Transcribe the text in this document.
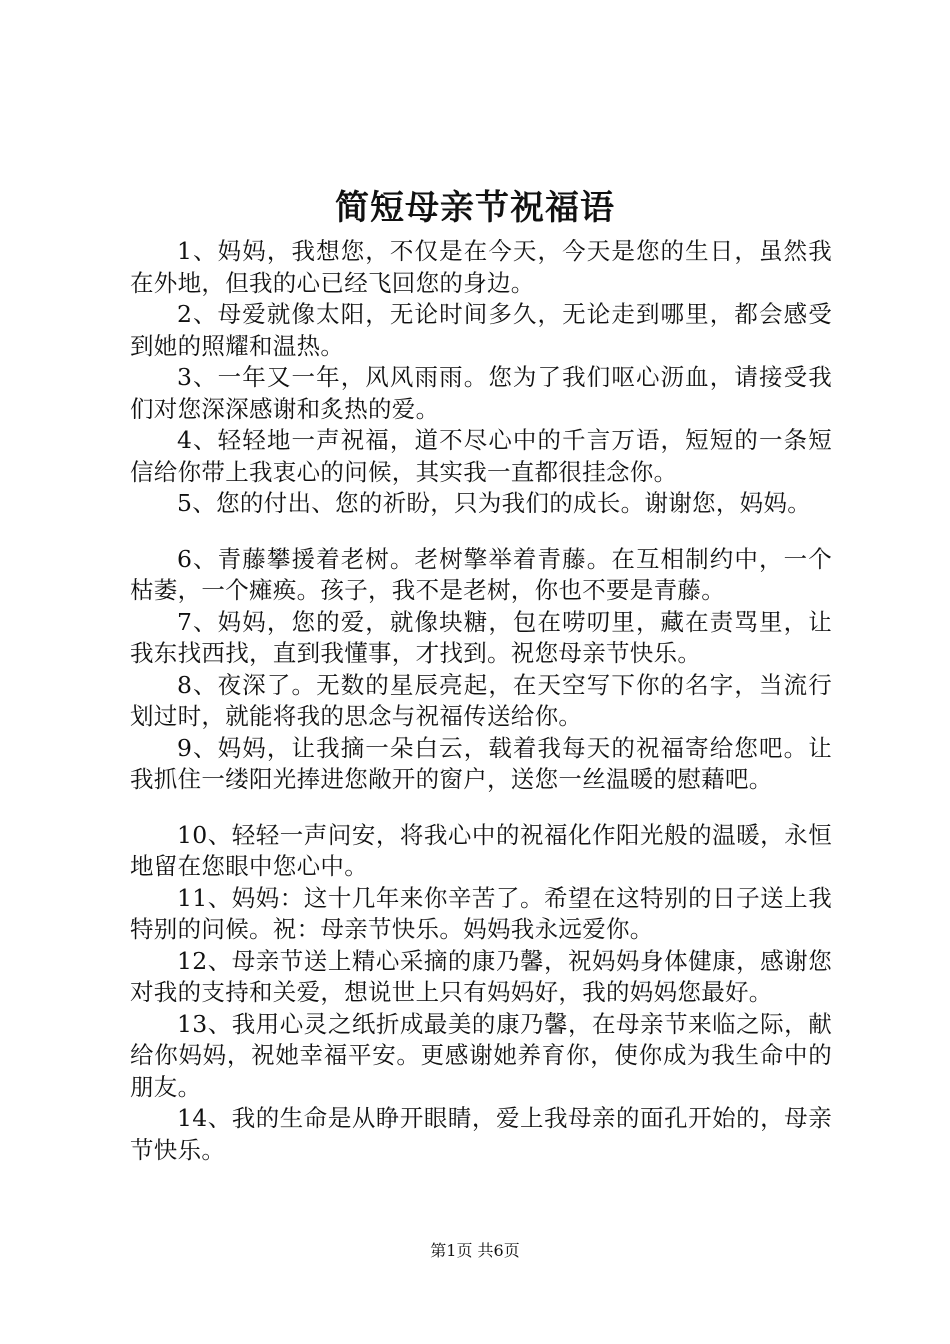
简短母亲节祝福语

1、妈妈，我想您，不仅是在今天，今天是您的生日，虽然我在外地，但我的心已经飞回您的身边。

2、母爱就像太阳，无论时间多久，无论走到哪里，都会感受到她的照耀和温热。

3、一年又一年，风风雨雨。您为了我们呕心沥血，请接受我们对您深深感谢和炙热的爱。

4、轻轻地一声祝福，道不尽心中的千言万语，短短的一条短信给你带上我衷心的问候，其实我一直都很挂念你。

5、您的付出、您的祈盼，只为我们的成长。谢谢您，妈妈。

6、青藤攀援着老树。老树擎举着青藤。在互相制约中，一个枯萎，一个瘫痪。孩子，我不是老树，你也不要是青藤。

7、妈妈，您的爱，就像块糖，包在唠叨里，藏在责骂里，让我东找西找，直到我懂事，才找到。祝您母亲节快乐。

8、夜深了。无数的星辰亮起，在天空写下你的名字，当流行划过时，就能将我的思念与祝福传送给你。

9、妈妈，让我摘一朵白云，载着我每天的祝福寄给您吧。让我抓住一缕阳光捧进您敞开的窗户，送您一丝温暖的慰藉吧。

10、轻轻一声问安，将我心中的祝福化作阳光般的温暖，永恒地留在您眼中您心中。

11、妈妈：这十几年来你辛苦了。希望在这特别的日子送上我特别的问候。祝：母亲节快乐。妈妈我永远爱你。

12、母亲节送上精心采摘的康乃馨，祝妈妈身体健康，感谢您对我的支持和关爱，想说世上只有妈妈好，我的妈妈您最好。

13、我用心灵之纸折成最美的康乃馨，在母亲节来临之际，献给你妈妈，祝她幸福平安。更感谢她养育你，使你成为我生命中的朋友。

14、我的生命是从睁开眼睛，爱上我母亲的面孔开始的，母亲节快乐。

第1页 共6页
